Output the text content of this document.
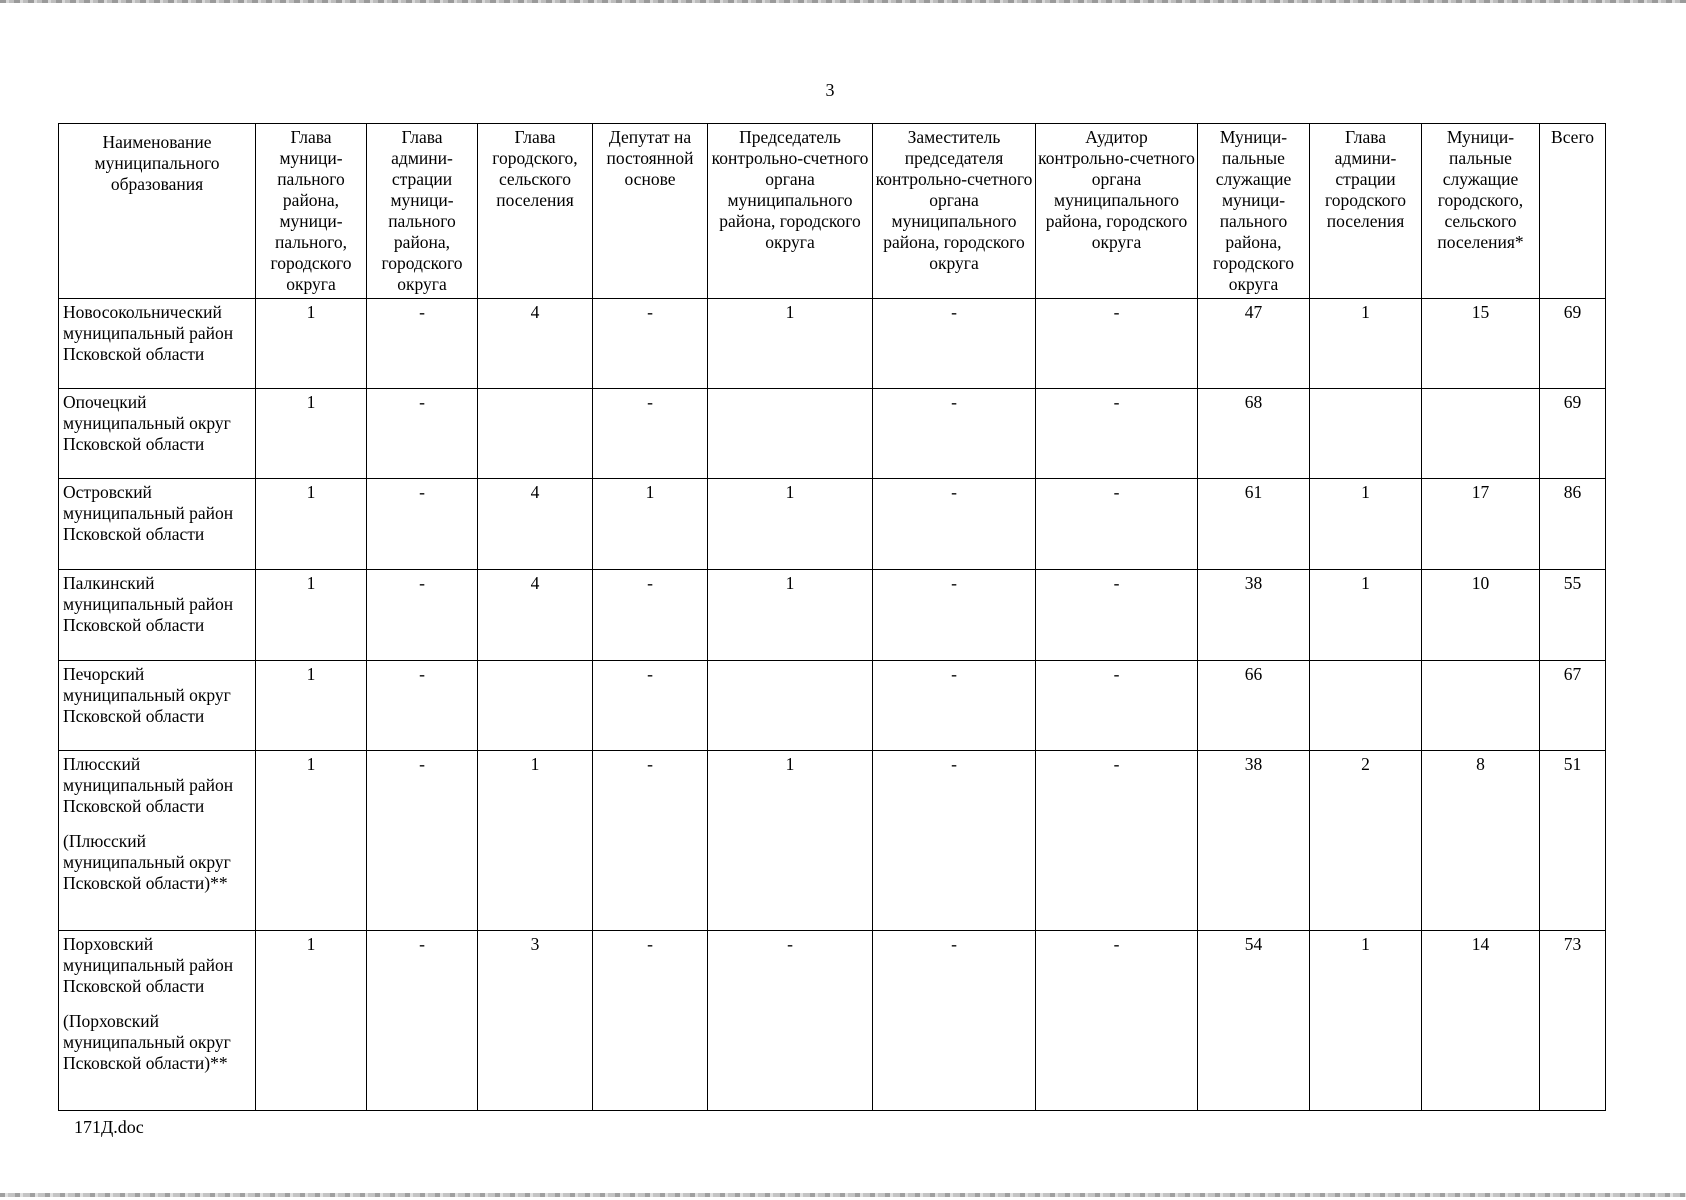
3
Наименование муниципального образования	Глава муници-пального района, муници-пального, городского округа	Глава админи-страции муници-пального района, городского округа	Глава городского, сельского поселения	Депутат на постоянной основе	Председатель контрольно-счетного органа муниципального района, городского округа	Заместитель председателя контрольно-счетного органа муниципального района, городского округа	Аудитор контрольно-счетного органа муниципального района, городского округа	Муници-пальные служащие муници-пального района, городского округа	Глава админи-страции городского поселения	Муници-пальные служащие городского, сельского поселения*	Всего

Новосокольнический муниципальный район Псковской области	1	-	4	-	1	-	-	47	1	15	69

Опочецкий муниципальный округ Псковской области	1	-		-		-	-	68			69

Островский муниципальный район Псковской области	1	-	4	1	1	-	-	61	1	17	86

Палкинский муниципальный район Псковской области	1	-	4	-	1	-	-	38	1	10	55

Печорский муниципальный округ Псковской области	1	-		-		-	-	66			67

Плюсский муниципальный район Псковской области
(Плюсский муниципальный округ Псковской области)**	1	-	1	-	1	-	-	38	2	8	51

Порховский муниципальный район Псковской области
(Порховский муниципальный округ Псковской области)**	1	-	3	-	-	-	-	54	1	14	73
171Д.doc
